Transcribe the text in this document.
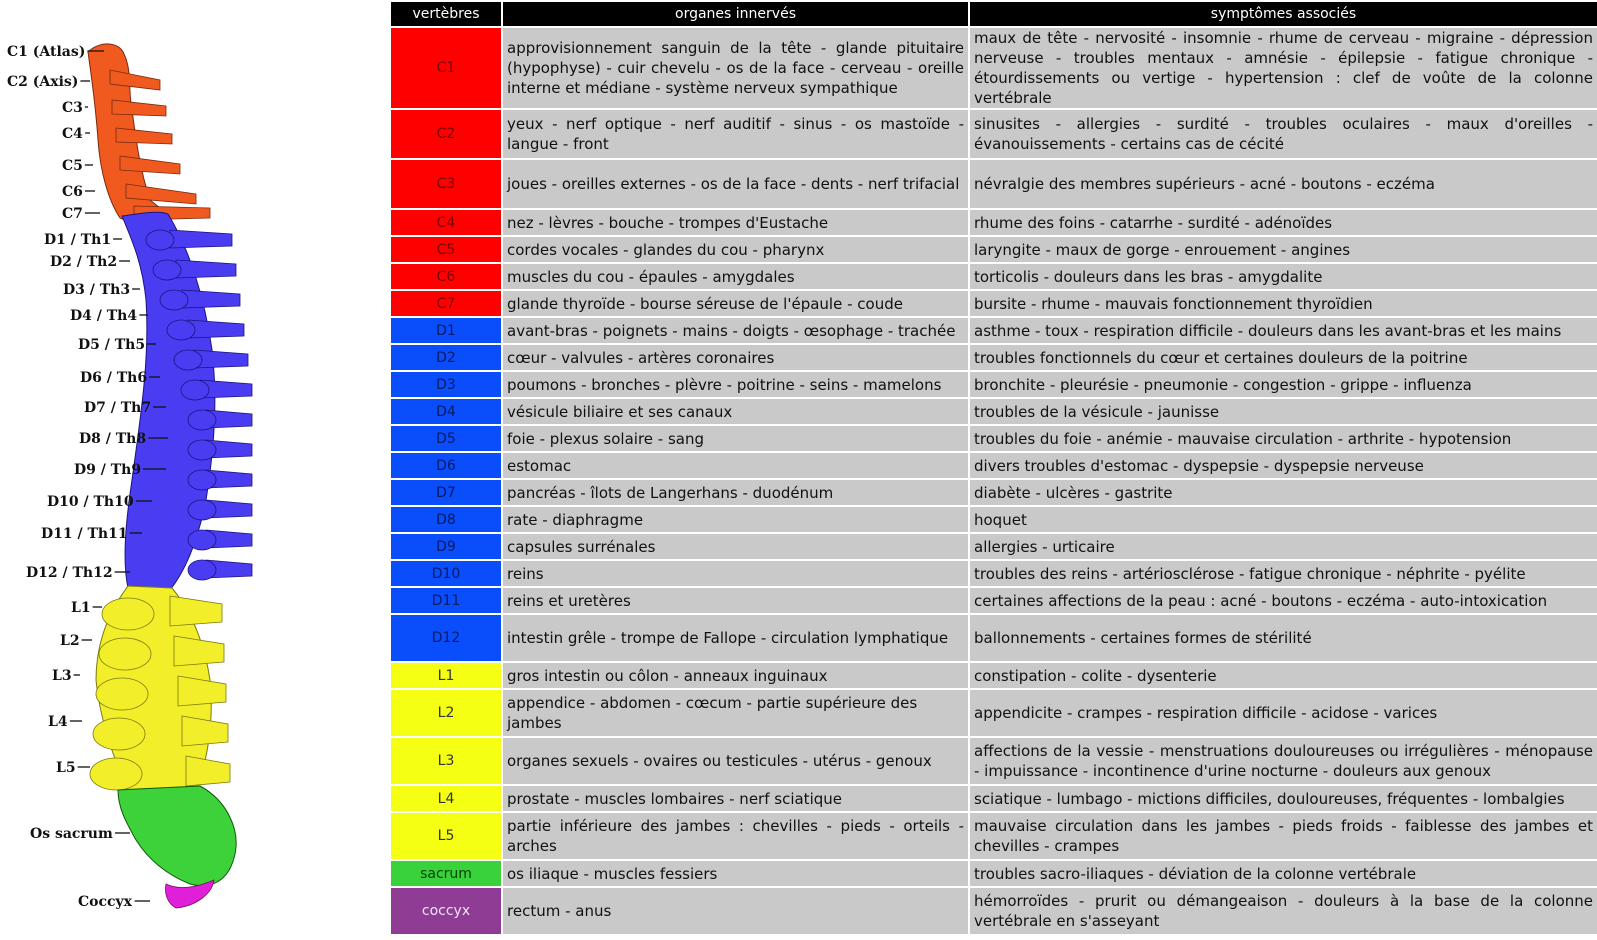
C1 (Atlas)
C2 (Axis)
C3
C4
C5
C6
C7
D1 / Th1
D2 / Th2
D3 / Th3
D4 / Th4
D5 / Th5
D6 / Th6
D7 / Th7
D8 / Th8
D9 / Th9
D10 / Th10
D11 / Th11
D12 / Th12
L1
L2
L3
L4
L5
Os sacrum
Coccyx
vertèbres	organes innervés	symptômes associés
C1	approvisionnement sanguin de la tête - glande pituitaire (hypophyse) - cuir chevelu - os de la face - cerveau - oreille interne et médiane - système nerveux sympathique	maux de tête - nervosité - insomnie - rhume de cerveau - migraine - dépression nerveuse - troubles mentaux - amnésie - épilepsie - fatigue chronique - étourdissements ou vertige - hypertension : clef de voûte de la colonne vertébrale
C2	yeux - nerf optique - nerf auditif - sinus - os mastoïde - langue - front	sinusites - allergies - surdité - troubles oculaires - maux d'oreilles - évanouissements - certains cas de cécité
C3	joues - oreilles externes - os de la face - dents - nerf trifacial	névralgie des membres supérieurs - acné - boutons - eczéma
C4	nez - lèvres - bouche - trompes d'Eustache	rhume des foins - catarrhe - surdité - adénoïdes
C5	cordes vocales - glandes du cou - pharynx	laryngite - maux de gorge - enrouement - angines
C6	muscles du cou - épaules - amygdales	torticolis - douleurs dans les bras - amygdalite
C7	glande thyroïde - bourse séreuse de l'épaule - coude	bursite - rhume - mauvais fonctionnement thyroïdien
D1	avant-bras - poignets - mains - doigts - œsophage - trachée	asthme - toux - respiration difficile - douleurs dans les avant-bras et les mains
D2	cœur - valvules - artères coronaires	troubles fonctionnels du cœur et certaines douleurs de la poitrine
D3	poumons - bronches - plèvre - poitrine - seins - mamelons	bronchite - pleurésie - pneumonie - congestion - grippe - influenza
D4	vésicule biliaire et ses canaux	troubles de la vésicule - jaunisse
D5	foie - plexus solaire - sang	troubles du foie - anémie - mauvaise circulation - arthrite - hypotension
D6	estomac	divers troubles d'estomac - dyspepsie - dyspepsie nerveuse
D7	pancréas - îlots de Langerhans - duodénum	diabète - ulcères - gastrite
D8	rate - diaphragme	hoquet
D9	capsules surrénales	allergies - urticaire
D10	reins	troubles des reins - artériosclérose - fatigue chronique - néphrite - pyélite
D11	reins et uretères	certaines affections de la peau : acné - boutons - eczéma - auto-intoxication
D12	intestin grêle - trompe de Fallope - circulation lymphatique	ballonnements - certaines formes de stérilité
L1	gros intestin ou côlon - anneaux inguinaux	constipation - colite - dysenterie
L2	appendice - abdomen - cœcum - partie supérieure des jambes	appendicite - crampes - respiration difficile - acidose - varices
L3	organes sexuels - ovaires ou testicules - utérus - genoux	affections de la vessie - menstruations douloureuses ou irrégulières - ménopause - impuissance - incontinence d'urine nocturne - douleurs aux genoux
L4	prostate - muscles lombaires - nerf sciatique	sciatique - lumbago - mictions difficiles, douloureuses, fréquentes - lombalgies
L5	partie inférieure des jambes : chevilles - pieds - orteils - arches	mauvaise circulation dans les jambes - pieds froids - faiblesse des jambes et chevilles - crampes
sacrum	os iliaque - muscles fessiers	troubles sacro-iliaques - déviation de la colonne vertébrale
coccyx	rectum - anus	hémorroïdes - prurit ou démangeaison - douleurs à la base de la colonne vertébrale en s'asseyant
